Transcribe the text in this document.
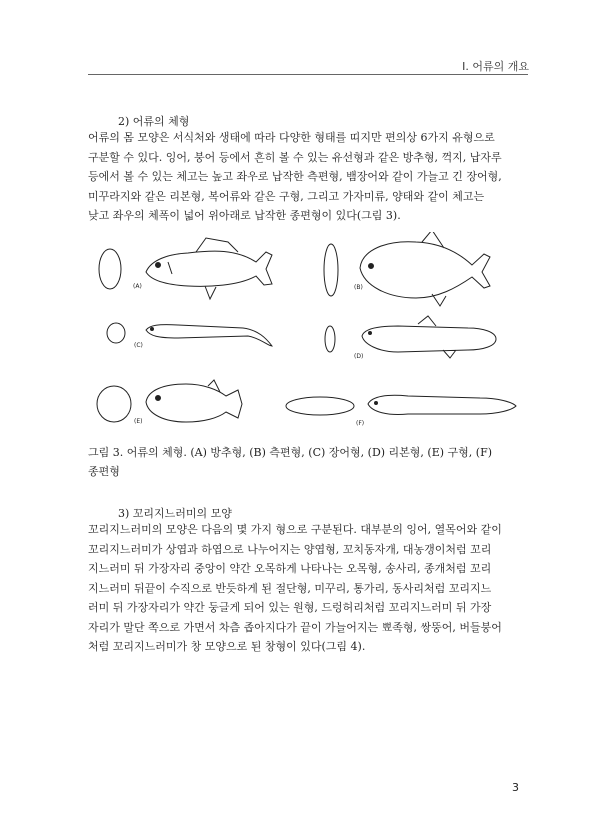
I. 어류의 개요
2) 어류의 체형

어류의 몸 모양은 서식처와 생태에 따라 다양한 형태를 띠지만 편의상 6가지 유형으로
구분할 수 있다. 잉어, 붕어 등에서 흔히 볼 수 있는 유선형과 같은 방추형, 꺽지, 납자루
등에서 볼 수 있는 체고는 높고 좌우로 납작한 측편형, 뱀장어와 같이 가늘고 긴 장어형,
미꾸라지와 같은 리본형, 복어류와 같은 구형, 그리고 가자미류, 양태와 같이 체고는
낮고 좌우의 체폭이 넓어 위아래로 납작한 종편형이 있다(그림 3).

(A)	(B)
(C)
(D)
(E)	(F)

그림 3. 어류의 체형. (A) 방추형, (B) 측편형, (C) 장어형, (D) 리본형, (E) 구형, (F)
종편형

3) 꼬리지느러미의 모양

꼬리지느러미의 모양은 다음의 몇 가지 형으로 구분된다. 대부분의 잉어, 열목어와 같이
꼬리지느러미가 상엽과 하엽으로 나누어지는 양엽형, 꼬치동자개, 대농갱이처럼 꼬리
지느러미 뒤 가장자리 중앙이 약간 오목하게 나타나는 오목형, 송사리, 종개처럼 꼬리
지느러미 뒤끝이 수직으로 반듯하게 된 절단형, 미꾸리, 통가리, 동사리처럼 꼬리지느
러미 뒤 가장자리가 약간 둥글게 되어 있는 원형, 드렁허리처럼 꼬리지느러미 뒤 가장
자리가 말단 쪽으로 가면서 차츰 좁아지다가 끝이 가늘어지는 뾰족형, 쌍뚱어, 버들붕어
처럼 꼬리지느러미가 창 모양으로 된 창형이 있다(그림 4).

3
